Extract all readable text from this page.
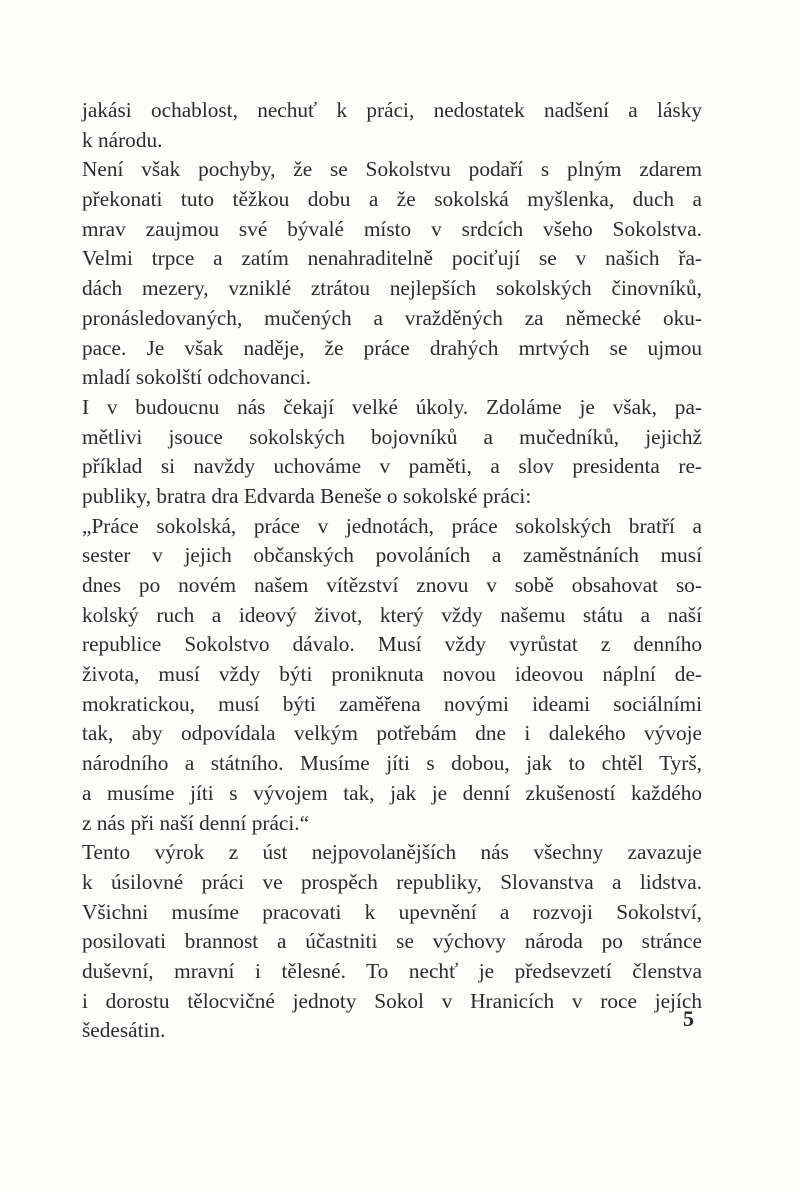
jakási ochablost, nechuť k práci, nedostatek nadšení a lásky
k národu.
Není však pochyby, že se Sokolstvu podaří s plným zdarem
překonati tuto těžkou dobu a že sokolská myšlenka, duch a
mrav zaujmou své bývalé místo v srdcích všeho Sokolstva.
Velmi trpce a zatím nenahraditelně pociťují se v našich řa-
dách mezery, vzniklé ztrátou nejlepších sokolských činovníků,
pronásledovaných, mučených a vražděných za německé oku-
pace. Je však naděje, že práce drahých mrtvých se ujmou
mladí sokolští odchovanci.
I v budoucnu nás čekají velké úkoly. Zdoláme je však, pa-
mětlivi jsouce sokolských bojovníků a mučedníků, jejichž
příklad si navždy uchováme v paměti, a slov presidenta re-
publiky, bratra dra Edvarda Beneše o sokolské práci:
„Práce sokolská, práce v jednotách, práce sokolských bratří a
sester v jejich občanských povoláních a zaměstnáních musí
dnes po novém našem vítězství znovu v sobě obsahovat so-
kolský ruch a ideový život, který vždy našemu státu a naší
republice Sokolstvo dávalo. Musí vždy vyrůstat z denního
života, musí vždy býti proniknuta novou ideovou náplní de-
mokratickou, musí býti zaměřena novými ideami sociálními
tak, aby odpovídala velkým potřebám dne i dalekého vývoje
národního a státního. Musíme jíti s dobou, jak to chtěl Tyrš,
a musíme jíti s vývojem tak, jak je denní zkušeností každého
z nás při naší denní práci.“
Tento výrok z úst nejpovolanějších nás všechny zavazuje
k úsilovné práci ve prospěch republiky, Slovanstva a lidstva.
Všichni musíme pracovati k upevnění a rozvoji Sokolství,
posilovati brannost a účastniti se výchovy národa po stránce
duševní, mravní i tělesné. To nechť je předsevzetí členstva
i dorostu tělocvičné jednoty Sokol v Hranicích v roce jejích
šedesátin.	5
